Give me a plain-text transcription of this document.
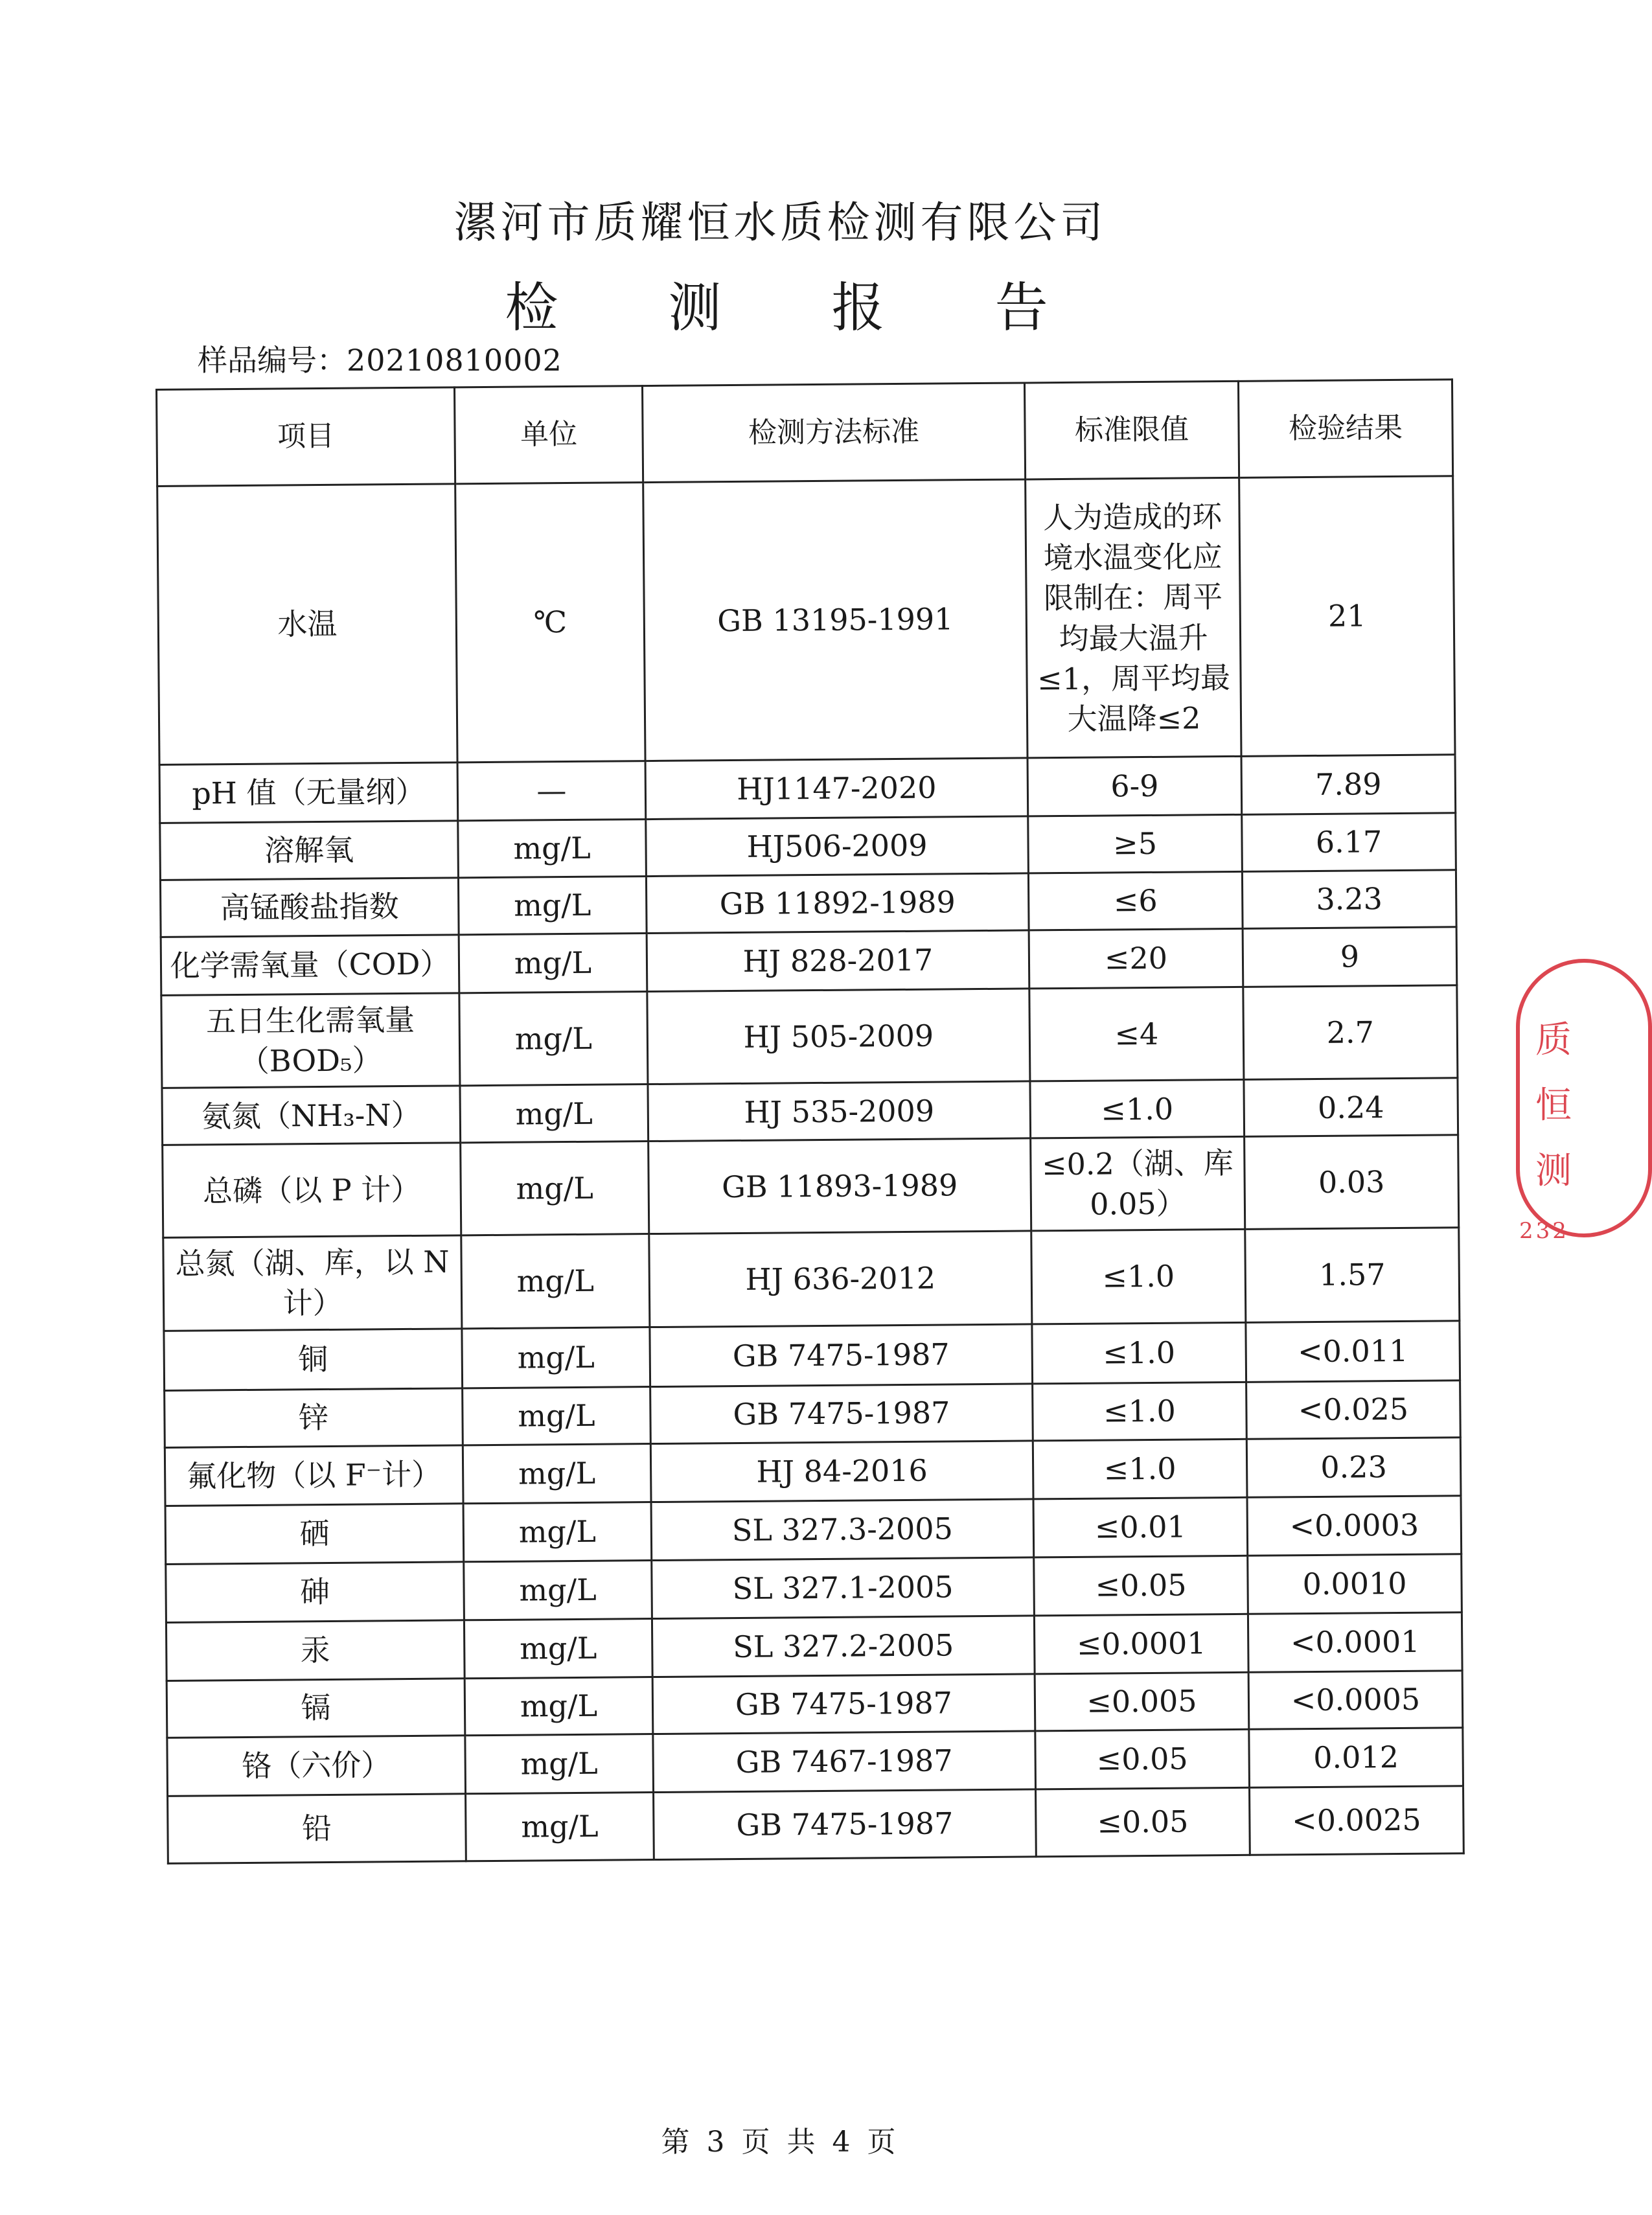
漯河市质耀恒水质检测有限公司
检 测 报 告
样品编号：20210810002
项目	单位	检测方法标准	标准限值	检验结果
水温	℃	GB 13195-1991	人为造成的环境水温变化应限制在：周平均最大温升≤1，周平均最大温降≤2	21
pH 值（无量纲）	—	HJ1147-2020	6-9	7.89
溶解氧	mg/L	HJ506-2009	≥5	6.17
高锰酸盐指数	mg/L	GB 11892-1989	≤6	3.23
化学需氧量（COD）	mg/L	HJ 828-2017	≤20	9
五日生化需氧量（BOD₅）	mg/L	HJ 505-2009	≤4	2.7
氨氮（NH₃-N）	mg/L	HJ 535-2009	≤1.0	0.24
总磷（以 P 计）	mg/L	GB 11893-1989	≤0.2（湖、库 0.05）	0.03
总氮（湖、库，以 N 计）	mg/L	HJ 636-2012	≤1.0	1.57
铜	mg/L	GB 7475-1987	≤1.0	<0.011
锌	mg/L	GB 7475-1987	≤1.0	<0.025
氟化物（以 F⁻计）	mg/L	HJ 84-2016	≤1.0	0.23
硒	mg/L	SL 327.3-2005	≤0.01	<0.0003
砷	mg/L	SL 327.1-2005	≤0.05	0.0010
汞	mg/L	SL 327.2-2005	≤0.0001	<0.0001
镉	mg/L	GB 7475-1987	≤0.005	<0.0005
铬（六价）	mg/L	GB 7467-1987	≤0.05	0.012
铅	mg/L	GB 7475-1987	≤0.05	<0.0025
质
恒
测
232
第 3 页 共 4 页
